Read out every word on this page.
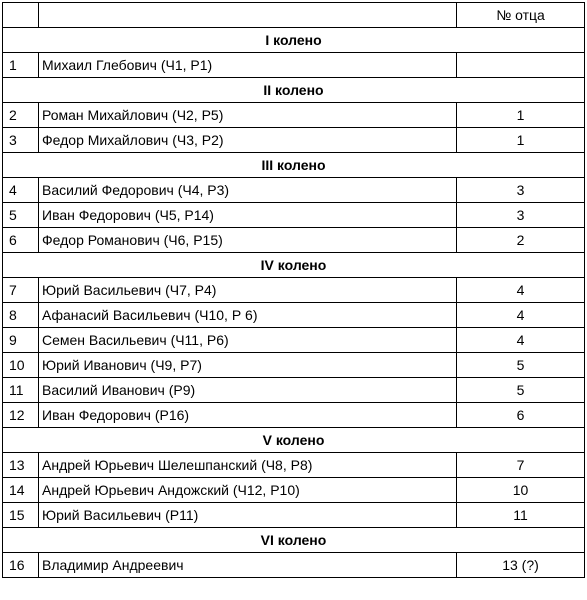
		№ отца
I колено		
1	Михаил Глебович (Ч1, Р1)	
II колено		
2	Роман Михайлович (Ч2, Р5)	1
3	Федор Михайлович (Ч3, Р2)	1
III колено		
4	Василий Федорович (Ч4, Р3)	3
5	Иван Федорович (Ч5, Р14)	3
6	Федор Романович (Ч6, Р15)	2
IV колено		
7	Юрий Васильевич (Ч7, Р4)	4
8	Афанасий Васильевич (Ч10, Р 6)	4
9	Семен Васильевич (Ч11, Р6)	4
10	Юрий Иванович (Ч9, Р7)	5
11	Василий Иванович (Р9)	5
12	Иван Федорович (Р16)	6
V колено		
13	Андрей Юрьевич Шелешпанский (Ч8, Р8)	7
14	Андрей Юрьевич Андожский (Ч12, Р10)	10
15	Юрий Васильевич (Р11)	11
VI колено		
16	Владимир Андреевич	13 (?)
